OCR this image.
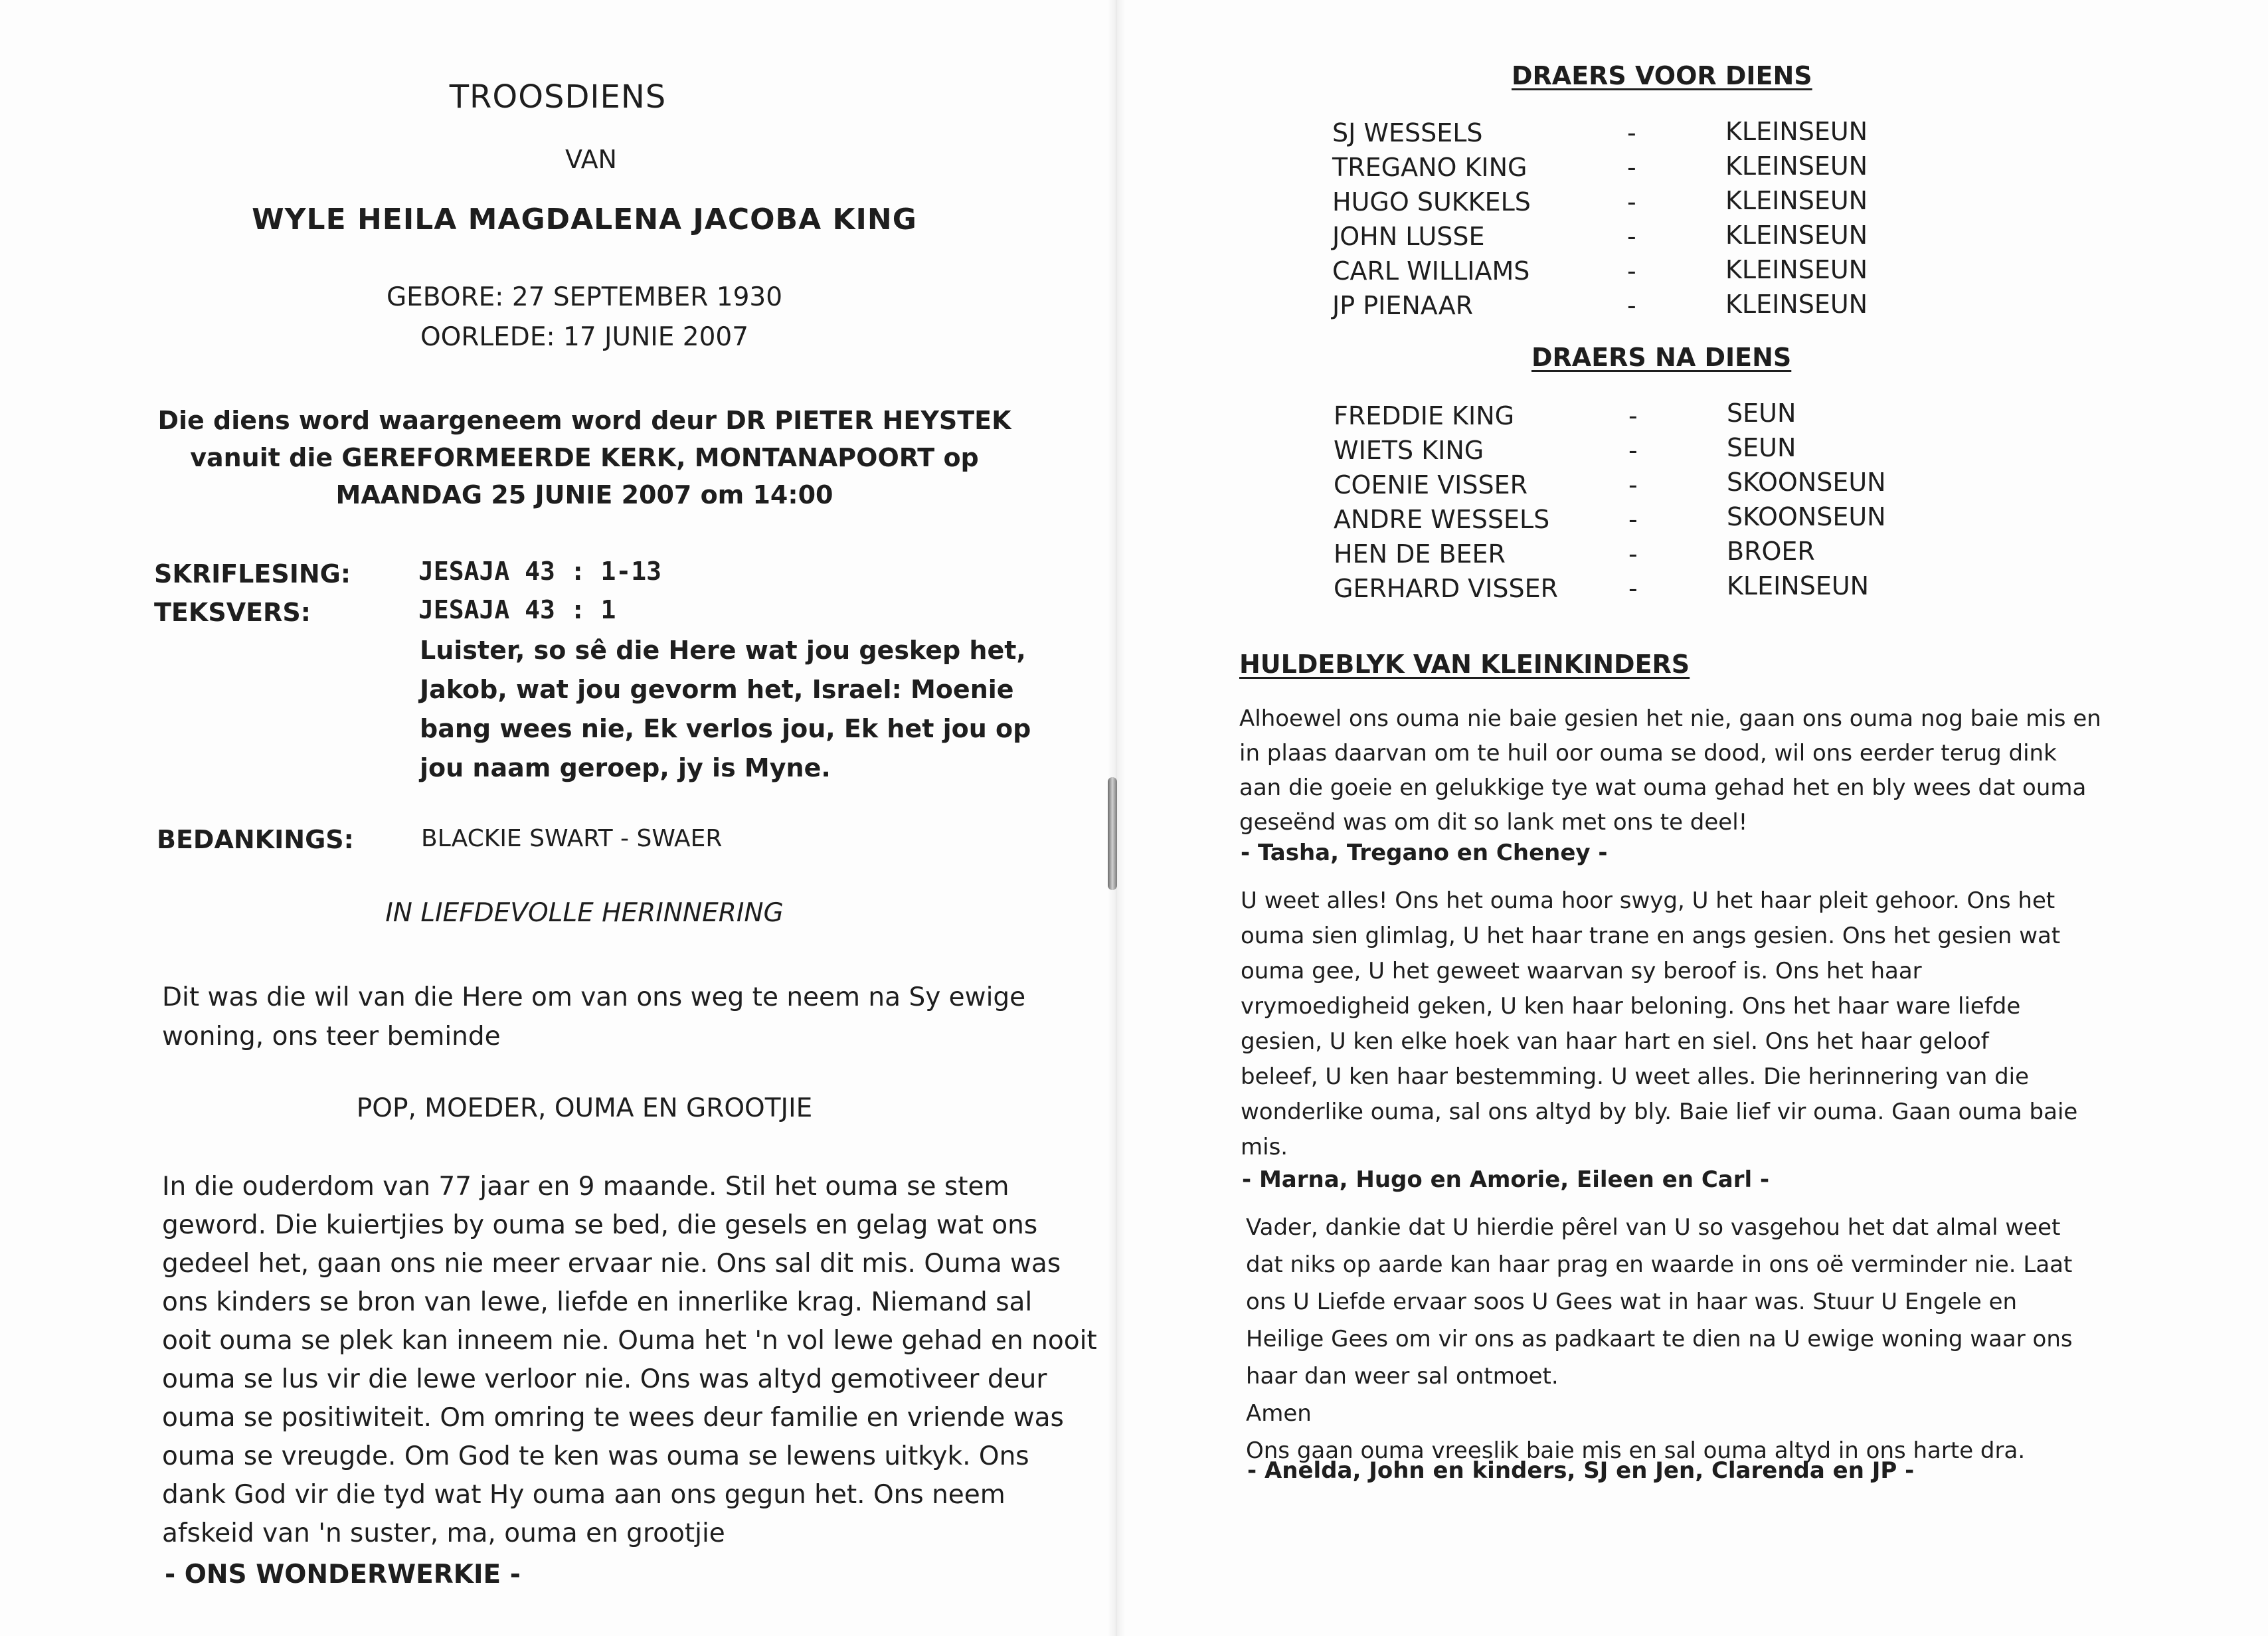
TROOSDIENS
VAN
WYLE HEILA MAGDALENA JACOBA KING
GEBORE: 27 SEPTEMBER 1930
OORLEDE: 17 JUNIE 2007
Die diens word waargeneem word deur DR PIETER HEYSTEK
vanuit die GEREFORMEERDE KERK, MONTANAPOORT op
MAANDAG 25 JUNIE 2007 om 14:00
SKRIFLESING:	JESAJA 43 : 1-13
TEKSVERS:	JESAJA 43 : 1
Luister, so sê die Here wat jou geskep het,
Jakob, wat jou gevorm het, Israel: Moenie
bang wees nie, Ek verlos jou, Ek het jou op
jou naam geroep, jy is Myne.
BEDANKINGS:	BLACKIE SWART - SWAER
IN LIEFDEVOLLE HERINNERING
Dit was die wil van die Here om van ons weg te neem na Sy ewige
woning, ons teer beminde
POP, MOEDER, OUMA EN GROOTJIE
In die ouderdom van 77 jaar en 9 maande. Stil het ouma se stem
geword. Die kuiertjies by ouma se bed, die gesels en gelag wat ons
gedeel het, gaan ons nie meer ervaar nie. Ons sal dit mis. Ouma was
ons kinders se bron van lewe, liefde en innerlike krag. Niemand sal
ooit ouma se plek kan inneem nie. Ouma het 'n vol lewe gehad en nooit
ouma se lus vir die lewe verloor nie. Ons was altyd gemotiveer deur
ouma se positiwiteit. Om omring te wees deur familie en vriende was
ouma se vreugde. Om God te ken was ouma se lewens uitkyk. Ons
dank God vir die tyd wat Hy ouma aan ons gegun het. Ons neem
afskeid van 'n suster, ma, ouma en grootjie
- ONS WONDERWERKIE -
DRAERS VOOR DIENS
SJ WESSELS	-	KLEINSEUN
TREGANO KING	-	KLEINSEUN
HUGO SUKKELS	-	KLEINSEUN
JOHN LUSSE	-	KLEINSEUN
CARL WILLIAMS	-	KLEINSEUN
JP PIENAAR	-	KLEINSEUN
DRAERS NA DIENS
FREDDIE KING	-	SEUN
WIETS KING	-	SEUN
COENIE VISSER	-	SKOONSEUN
ANDRE WESSELS	-	SKOONSEUN
HEN DE BEER	-	BROER
GERHARD VISSER	-	KLEINSEUN
HULDEBLYK VAN KLEINKINDERS
Alhoewel ons ouma nie baie gesien het nie, gaan ons ouma nog baie mis en
in plaas daarvan om te huil oor ouma se dood, wil ons eerder terug dink
aan die goeie en gelukkige tye wat ouma gehad het en bly wees dat ouma
geseënd was om dit so lank met ons te deel!
- Tasha, Tregano en Cheney -
U weet alles! Ons het ouma hoor swyg, U het haar pleit gehoor. Ons het
ouma sien glimlag, U het haar trane en angs gesien. Ons het gesien wat
ouma gee, U het geweet waarvan sy beroof is. Ons het haar
vrymoedigheid geken, U ken haar beloning. Ons het haar ware liefde
gesien, U ken elke hoek van haar hart en siel. Ons het haar geloof
beleef, U ken haar bestemming. U weet alles. Die herinnering van die
wonderlike ouma, sal ons altyd by bly. Baie lief vir ouma. Gaan ouma baie
mis.
- Marna, Hugo en Amorie, Eileen en Carl -
Vader, dankie dat U hierdie pêrel van U so vasgehou het dat almal weet
dat niks op aarde kan haar prag en waarde in ons oë verminder nie. Laat
ons U Liefde ervaar soos U Gees wat in haar was. Stuur U Engele en
Heilige Gees om vir ons as padkaart te dien na U ewige woning waar ons
haar dan weer sal ontmoet.
Amen
Ons gaan ouma vreeslik baie mis en sal ouma altyd in ons harte dra.
- Anelda, John en kinders, SJ en Jen, Clarenda en JP -
